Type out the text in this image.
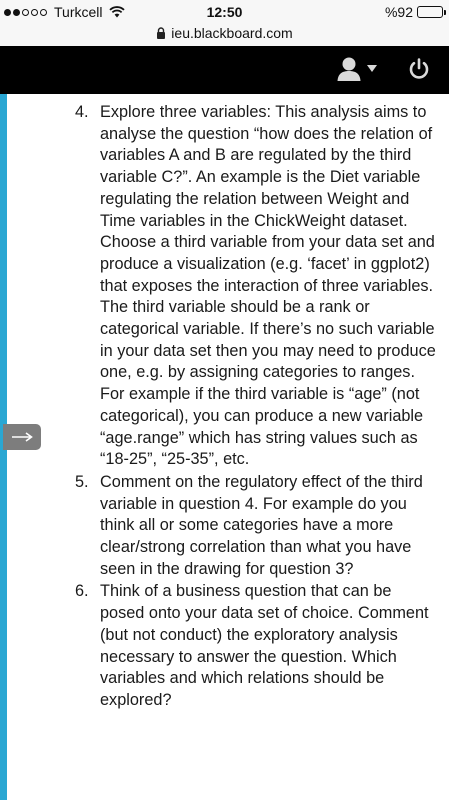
Turkcell	12:50	%92
ieu.blackboard.com
4. Explore three variables: This analysis aims to analyse the question “how does the relation of variables A and B are regulated by the third variable C?”. An example is the Diet variable regulating the relation between Weight and Time variables in the ChickWeight dataset. Choose a third variable from your data set and produce a visualization (e.g. ‘facet’ in ggplot2) that exposes the interaction of three variables. The third variable should be a rank or categorical variable. If there’s no such variable in your data set then you may need to produce one, e.g. by assigning categories to ranges. For example if the third variable is “age” (not categorical), you can produce a new variable “age.range” which has string values such as “18-25”, “25-35”, etc.
5. Comment on the regulatory effect of the third variable in question 4. For example do you think all or some categories have a more clear/strong correlation than what you have seen in the drawing for question 3?
6. Think of a business question that can be posed onto your data set of choice. Comment (but not conduct) the exploratory analysis necessary to answer the question. Which variables and which relations should be explored?
